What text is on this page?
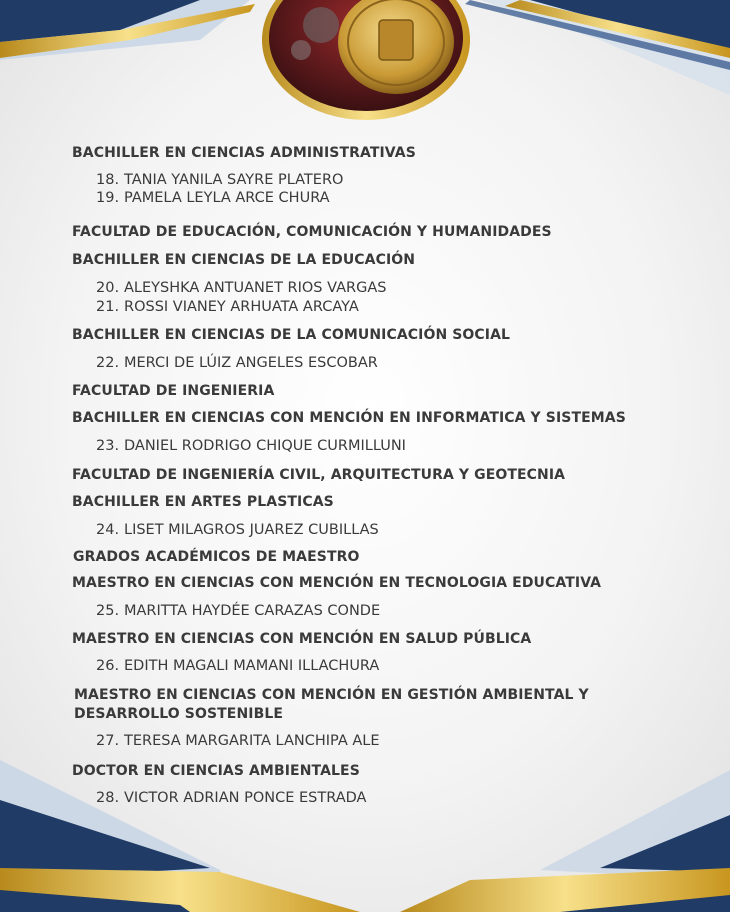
BACHILLER EN CIENCIAS ADMINISTRATIVAS
18. TANIA YANILA SAYRE PLATERO
19. PAMELA LEYLA ARCE CHURA
FACULTAD DE EDUCACIÓN, COMUNICACIÓN Y HUMANIDADES
BACHILLER EN CIENCIAS DE LA EDUCACIÓN
20. ALEYSHKA ANTUANET RIOS VARGAS
21. ROSSI VIANEY ARHUATA ARCAYA
BACHILLER EN CIENCIAS DE LA COMUNICACIÓN SOCIAL
22. MERCI DE LÚIZ ANGELES ESCOBAR
FACULTAD DE INGENIERIA
BACHILLER EN CIENCIAS CON MENCIÓN EN INFORMATICA Y SISTEMAS
23. DANIEL RODRIGO CHIQUE CURMILLUNI
FACULTAD DE INGENIERÍA CIVIL, ARQUITECTURA Y GEOTECNIA
BACHILLER EN ARTES PLASTICAS
24. LISET MILAGROS JUAREZ CUBILLAS
GRADOS ACADÉMICOS DE MAESTRO
MAESTRO EN CIENCIAS CON MENCIÓN EN TECNOLOGIA EDUCATIVA
25. MARITTA HAYDÉE CARAZAS CONDE
MAESTRO EN CIENCIAS CON MENCIÓN EN SALUD PÚBLICA
26. EDITH MAGALI MAMANI ILLACHURA
MAESTRO EN CIENCIAS CON MENCIÓN EN GESTIÓN AMBIENTAL Y DESARROLLO SOSTENIBLE
27. TERESA MARGARITA LANCHIPA ALE
DOCTOR EN CIENCIAS AMBIENTALES
28. VICTOR ADRIAN PONCE ESTRADA
